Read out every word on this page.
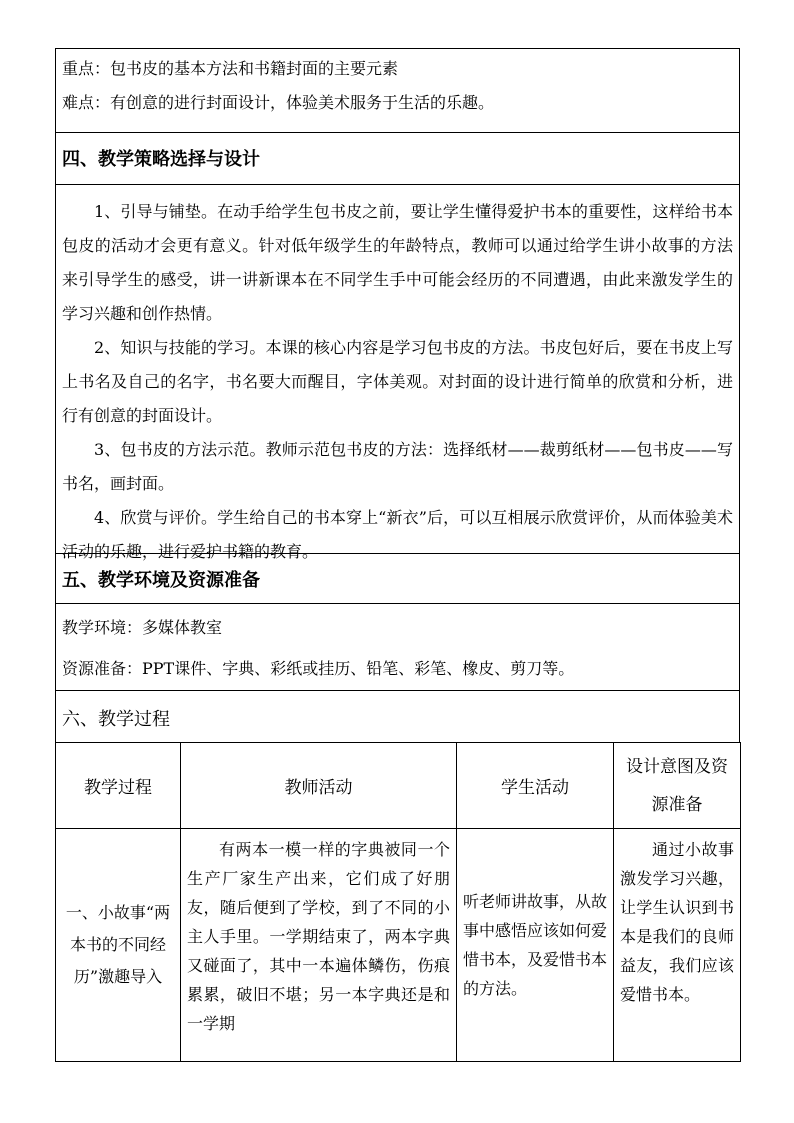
重点：包书皮的基本方法和书籍封面的主要元素
难点：有创意的进行封面设计，体验美术服务于生活的乐趣。
四、教学策略选择与设计

1、引导与铺垫。在动手给学生包书皮之前，要让学生懂得爱护书本的重要性，这样给书本包皮的活动才会更有意义。针对低年级学生的年龄特点，教师可以通过给学生讲小故事的方法来引导学生的感受，讲一讲新课本在不同学生手中可能会经历的不同遭遇，由此来激发学生的学习兴趣和创作热情。

2、知识与技能的学习。本课的核心内容是学习包书皮的方法。书皮包好后，要在书皮上写上书名及自己的名字，书名要大而醒目，字体美观。对封面的设计进行简单的欣赏和分析，进行有创意的封面设计。

3、包书皮的方法示范。教师示范包书皮的方法：选择纸材——裁剪纸材——包书皮——写书名，画封面。

4、欣赏与评价。学生给自己的书本穿上“新衣”后，可以互相展示欣赏评价，从而体验美术活动的乐趣，进行爱护书籍的教育。

五、教学环境及资源准备
教学环境：多媒体教室
资源准备：PPT课件、字典、彩纸或挂历、铅笔、彩笔、橡皮、剪刀等。
六、教学过程
教学过程	教师活动	学生活动	设计意图及资源准备

一、小故事“两本书的不同经历”激趣导入	有两本一模一样的字典被同一个生产厂家生产出来，它们成了好朋友，随后便到了学校，到了不同的小主人手里。一学期结束了，两本字典又碰面了，其中一本遍体鳞伤，伤痕累累，破旧不堪；另一本字典还是和一学期	听老师讲故事，从故事中感悟应该如何爱惜书本，及爱惜书本的方法。	通过小故事激发学习兴趣，让学生认识到书本是我们的良师益友，我们应该爱惜书本。
